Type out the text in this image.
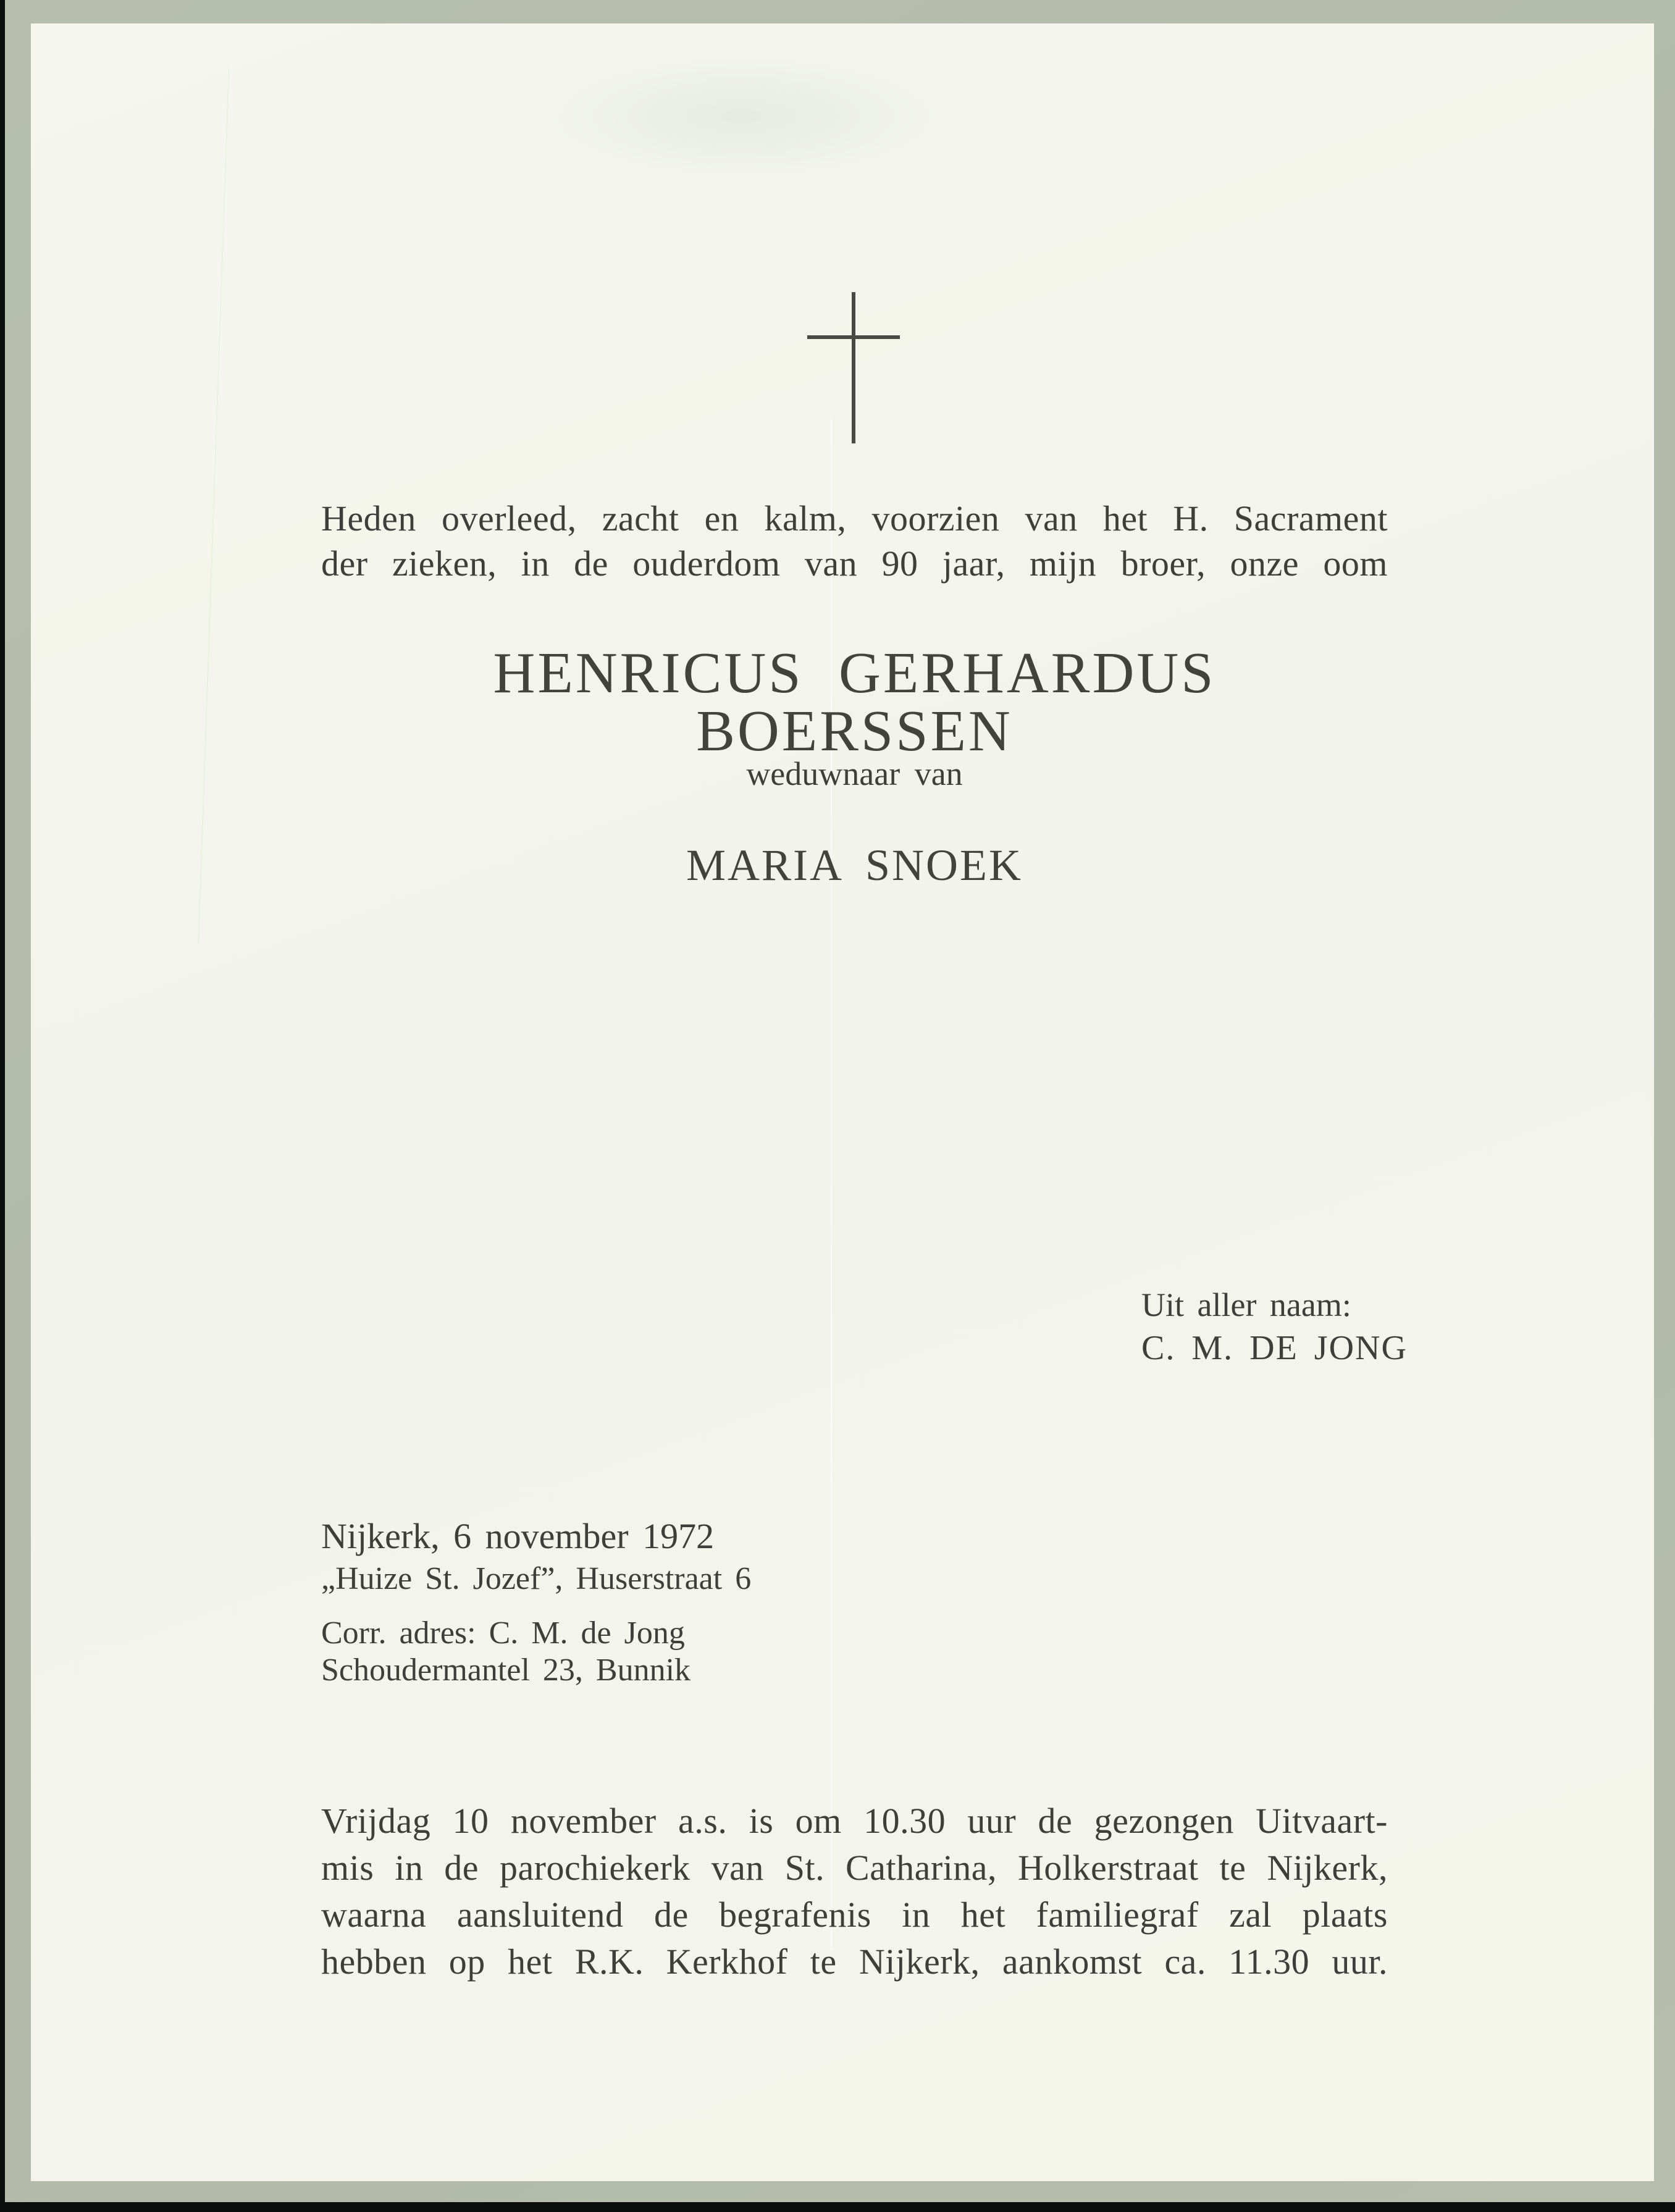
Heden overleed, zacht en kalm, voorzien van het H. Sacrament
der zieken, in de ouderdom van 90 jaar, mijn broer, onze oom
HENRICUS GERHARDUS BOERSSEN
weduwnaar van
MARIA SNOEK
Uit aller naam:
C. M. DE JONG
Nijkerk, 6 november 1972
„Huize St. Jozef”, Huserstraat 6
Corr. adres: C. M. de Jong
Schoudermantel 23, Bunnik
Vrijdag 10 november a.s. is om 10.30 uur de gezongen Uitvaart-
mis in de parochiekerk van St. Catharina, Holkerstraat te Nijkerk,
waarna aansluitend de begrafenis in het familiegraf zal plaats
hebben op het R.K. Kerkhof te Nijkerk, aankomst ca. 11.30 uur.
